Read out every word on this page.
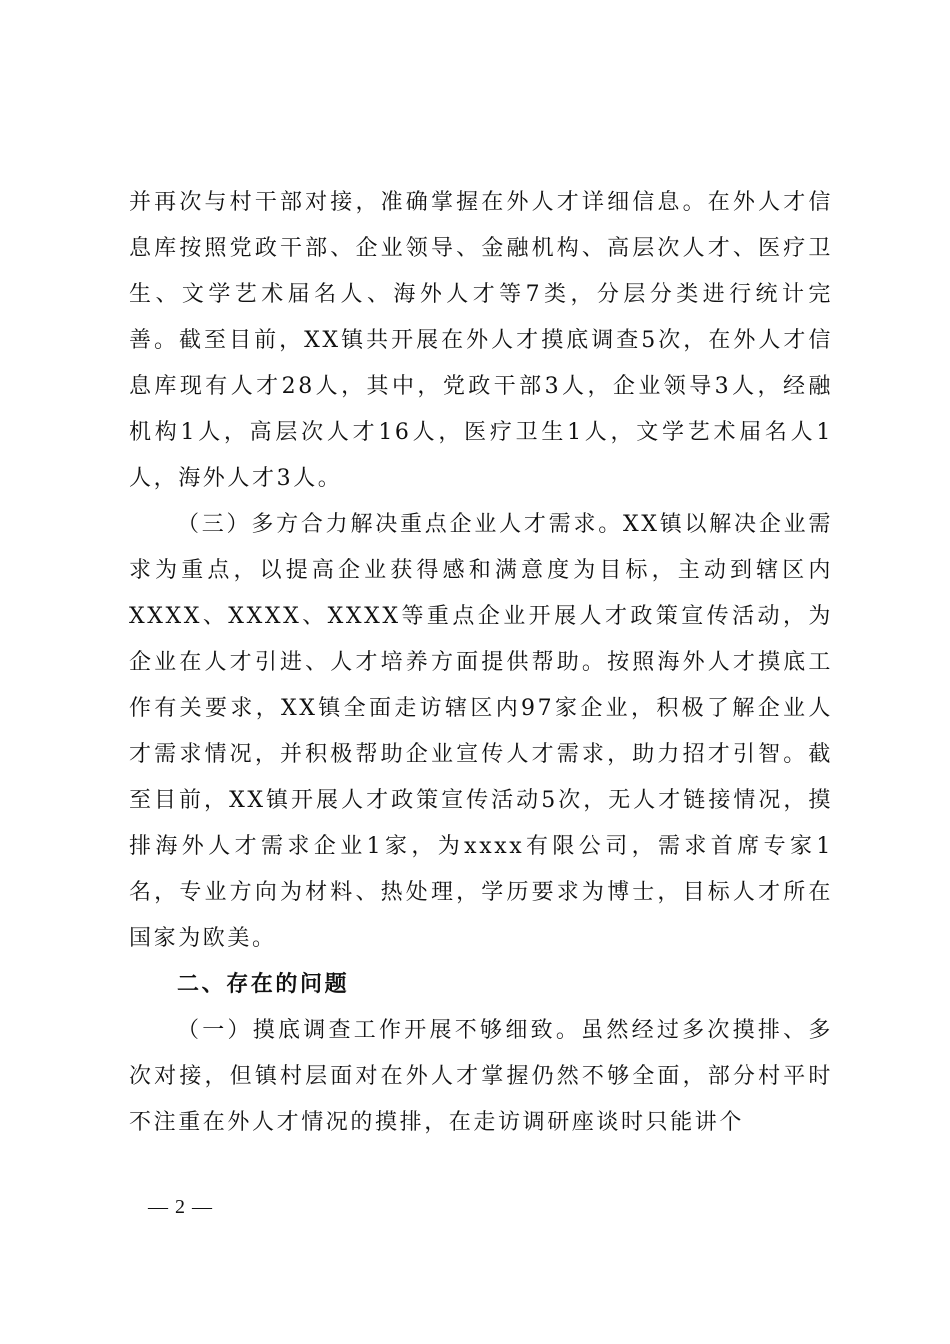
并再次与村干部对接，准确掌握在外人才详细信息。在外人才信息库按照党政干部、企业领导、金融机构、高层次人才、医疗卫生、文学艺术届名人、海外人才等7类，分层分类进行统计完善。截至目前，XX镇共开展在外人才摸底调查5次，在外人才信息库现有人才28人，其中，党政干部3人，企业领导3人，经融机构1人，高层次人才16人，医疗卫生1人，文学艺术届名人1人，海外人才3人。

（三）多方合力解决重点企业人才需求。XX镇以解决企业需求为重点，以提高企业获得感和满意度为目标，主动到辖区内XXXX、XXXX、XXXX等重点企业开展人才政策宣传活动，为企业在人才引进、人才培养方面提供帮助。按照海外人才摸底工作有关要求，XX镇全面走访辖区内97家企业，积极了解企业人才需求情况，并积极帮助企业宣传人才需求，助力招才引智。截至目前，XX镇开展人才政策宣传活动5次，无人才链接情况，摸排海外人才需求企业1家，为xxxx有限公司，需求首席专家1名，专业方向为材料、热处理，学历要求为博士，目标人才所在国家为欧美。

二、存在的问题

（一）摸底调查工作开展不够细致。虽然经过多次摸排、多次对接，但镇村层面对在外人才掌握仍然不够全面，部分村平时不注重在外人才情况的摸排，在走访调研座谈时只能讲个

— 2 —
